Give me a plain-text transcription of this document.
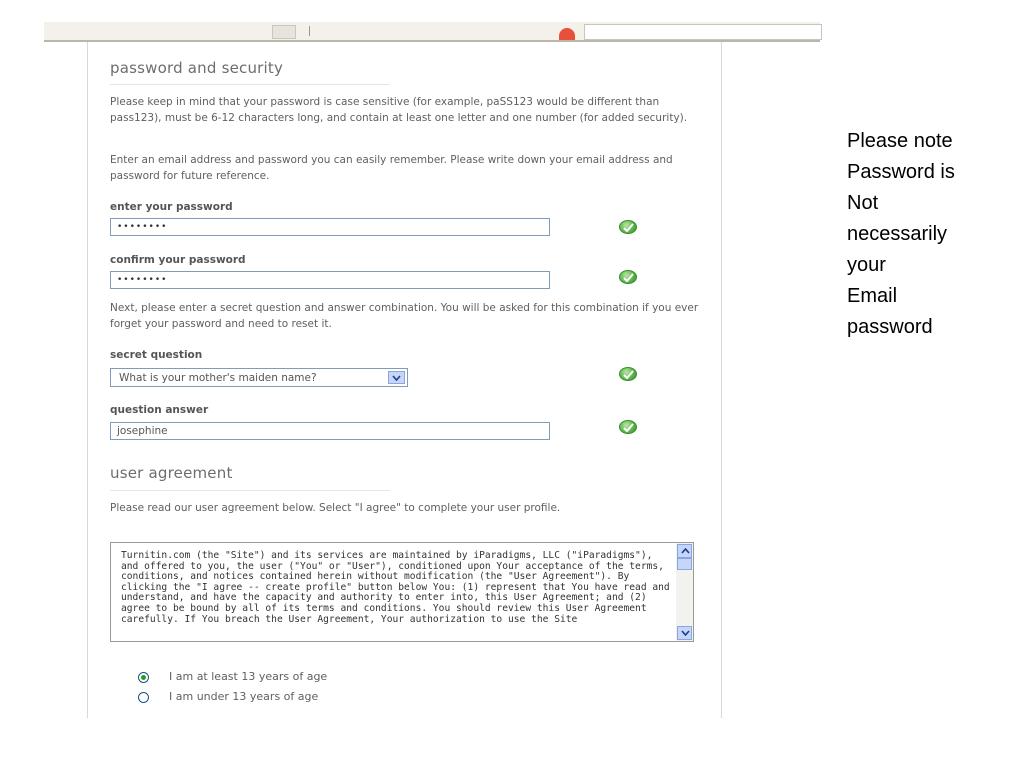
password and security
Please keep in mind that your password is case sensitive (for example, paSS123 would be different than pass123), must be 6-12 characters long, and contain at least one letter and one number (for added security).
Enter an email address and password you can easily remember. Please write down your email address and password for future reference.
enter your password
••••••••
confirm your password
••••••••
Next, please enter a secret question and answer combination. You will be asked for this combination if you ever forget your password and need to reset it.
secret question
What is your mother's maiden name?
question answer
josephine
user agreement
Please read our user agreement below. Select "I agree" to complete your user profile.
Turnitin.com (the "Site") and its services are maintained by iParadigms, LLC ("iParadigms"), and offered to you, the user ("You" or "User"), conditioned upon Your acceptance of the terms, conditions, and notices contained herein without modification (the "User Agreement"). By clicking the "I agree -- create profile" button below You: (1) represent that You have read and understand, and have the capacity and authority to enter into, this User Agreement; and (2) agree to be bound by all of its terms and conditions. You should review this User Agreement carefully. If You breach the User Agreement, Your authorization to use the Site
I am at least 13 years of age
I am under 13 years of age
Please note
Password is
Not
necessarily
your
Email
password
